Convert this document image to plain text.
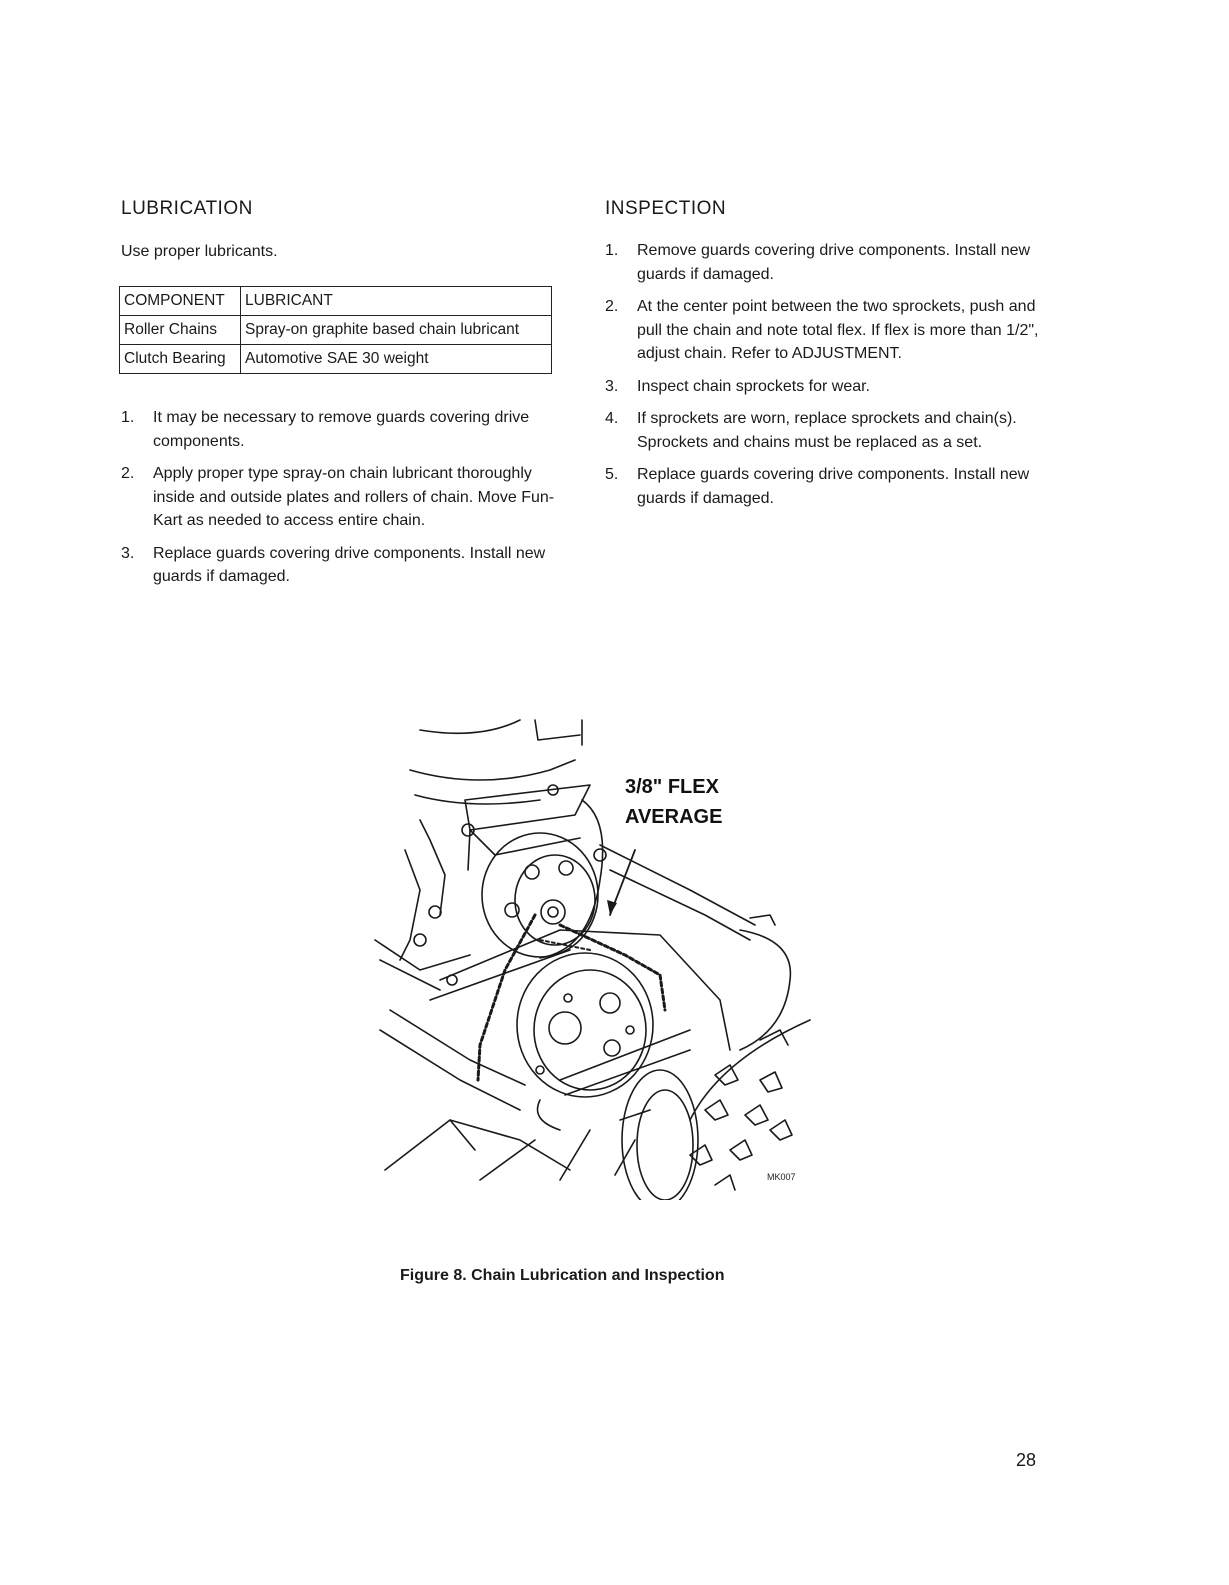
LUBRICATION
Use proper lubricants.
COMPONENT	LUBRICANT
Roller Chains	Spray-on graphite based chain lubricant
Clutch Bearing	Automotive SAE 30 weight
1. It may be necessary to remove guards covering drive components.
2. Apply proper type spray-on chain lubricant thoroughly inside and outside plates and rollers of chain. Move Fun-Kart as needed to access entire chain.
3. Replace guards covering drive components. Install new guards if damaged.
INSPECTION
1. Remove guards covering drive components. Install new guards if damaged.
2. At the center point between the two sprockets, push and pull the chain and note total flex. If flex is more than 1/2", adjust chain. Refer to ADJUSTMENT.
3. Inspect chain sprockets for wear.
4. If sprockets are worn, replace sprockets and chain(s). Sprockets and chains must be replaced as a set.
5. Replace guards covering drive components. Install new guards if damaged.
3/8" FLEX
AVERAGE
MK007
Figure 8. Chain Lubrication and Inspection
28
